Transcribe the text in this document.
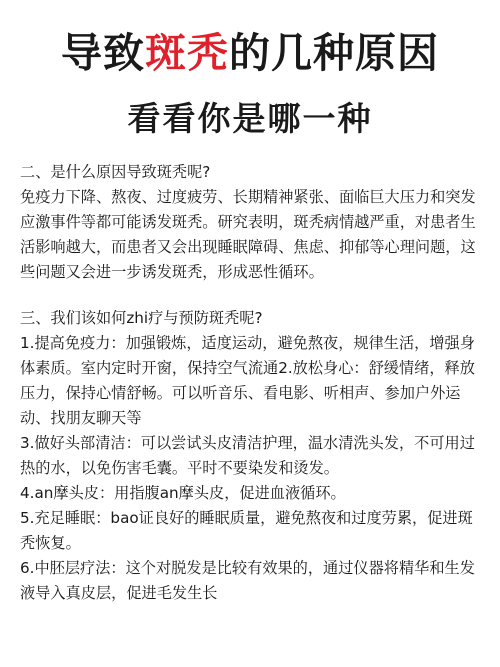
导致斑秃的几种原因
看看你是哪一种

二、是什么原因导致斑秃呢?

免疫力下降、熬夜、过度疲劳、长期精神紧张、面临巨大压力和突发应激事件等都可能诱发斑秃。研究表明，斑秃病情越严重，对患者生活影响越大，而患者又会出现睡眠障碍、焦虑、抑郁等心理问题，这些问题又会进一步诱发斑秃，形成恶性循环。

三、我们该如何zhi疗与预防斑秃呢?

1.提高免疫力：加强锻炼，适度运动，避免熬夜，规律生活，增强身体素质。室内定时开窗，保持空气流通2.放松身心：舒缓情绪，释放压力，保持心情舒畅。可以听音乐、看电影、听相声、参加户外运动、找朋友聊天等

3.做好头部清洁：可以尝试头皮清洁护理，温水清洗头发，不可用过热的水，以免伤害毛囊。平时不要染发和烫发。

4.an摩头皮：用指腹an摩头皮，促进血液循环。

5.充足睡眠：bao证良好的睡眠质量，避免熬夜和过度劳累，促进斑秃恢复。

6.中胚层疗法：这个对脱发是比较有效果的，通过仪器将精华和生发液导入真皮层，促进毛发生长
